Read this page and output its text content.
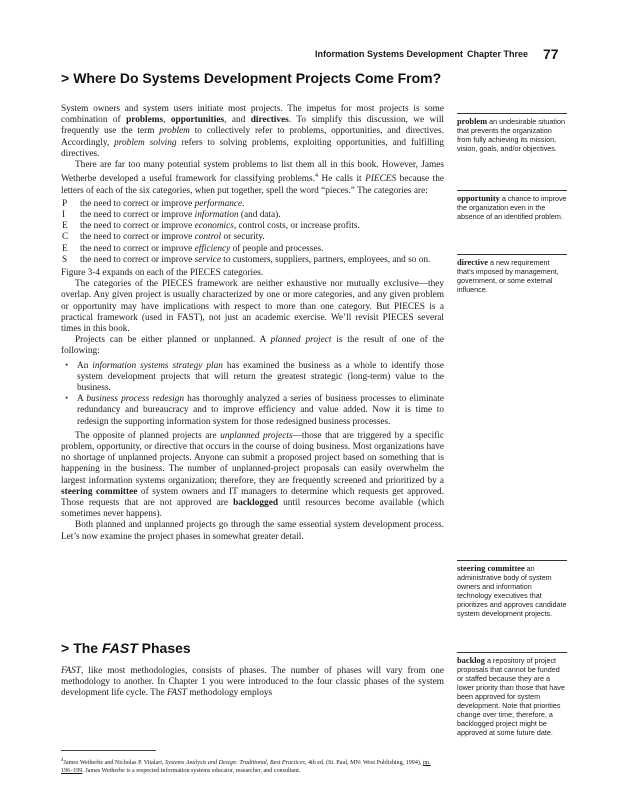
Information Systems Development Chapter Three 77
> Where Do Systems Development Projects Come From?

System owners and system users initiate most projects. The impetus for most projects is some combination of problems, opportunities, and directives. To simplify this discussion, we will frequently use the term problem to collectively refer to problems, opportunities, and directives. Accordingly, problem solving refers to solving problems, exploiting opportunities, and fulfilling directives.

There are far too many potential system problems to list them all in this book. However, James Wetherbe developed a useful framework for classifying problems.$^4$ He calls it PIECES because the letters of each of the six categories, when put together, spell the word “pieces.” The categories are:

P	the need to correct or improve performance.
I	the need to correct or improve information (and data).
E	the need to correct or improve economics, control costs, or increase profits.
C	the need to correct or improve control or security.
E	the need to correct or improve efficiency of people and processes.
S	the need to correct or improve service to customers, suppliers, partners, employees, and so on.

Figure 3-4 expands on each of the PIECES categories.

The categories of the PIECES framework are neither exhaustive nor mutually exclusive—they overlap. Any given project is usually characterized by one or more categories, and any given problem or opportunity may have implications with respect to more than one category. But PIECES is a practical framework (used in FAST), not just an academic exercise. We’ll revisit PIECES several times in this book.

Projects can be either planned or unplanned. A planned project is the result of one of the following:

• An information systems strategy plan has examined the business as a whole to identify those system development projects that will return the greatest strategic (long-term) value to the business.
• A business process redesign has thoroughly analyzed a series of business processes to eliminate redundancy and bureaucracy and to improve efficiency and value added. Now it is time to redesign the supporting information system for those redesigned business processes.

The opposite of planned projects are unplanned projects—those that are triggered by a specific problem, opportunity, or directive that occurs in the course of doing business. Most organizations have no shortage of unplanned projects. Anyone can submit a proposed project based on something that is happening in the business. The number of unplanned-project proposals can easily overwhelm the largest information systems organization; therefore, they are frequently screened and prioritized by a steering committee of system owners and IT managers to determine which requests get approved. Those requests that are not approved are backlogged until resources become available (which sometimes never happens).

Both planned and unplanned projects go through the same essential system development process. Let’s now examine the project phases in somewhat greater detail.

> The FAST Phases

FAST, like most methodologies, consists of phases. The number of phases will vary from one methodology to another. In Chapter 1 you were introduced to the four classic phases of the system development life cycle. The FAST methodology employs

$^4$James Wetherbe and Nicholas P. Vitalari, Systems Analysis and Design: Traditional, Best Practices, 4th ed. (St. Paul, MN: West Publishing, 1994), pp. 196–199. James Wetherbe is a respected information systems educator, researcher, and consultant.
problem an undesirable situation that prevents the organization from fully achieving its mission, vision, goals, and/or objectives.
opportunity a chance to improve the organization even in the absence of an identified problem.
directive a new requirement that’s imposed by management, government, or some external influence.
steering committee an administrative body of system owners and information technology executives that prioritizes and approves candidate system development projects.
backlog a repository of project proposals that cannot be funded or staffed because they are a lower priority than those that have been approved for system development. Note that priorities change over time; therefore, a backlogged project might be approved at some future date.
